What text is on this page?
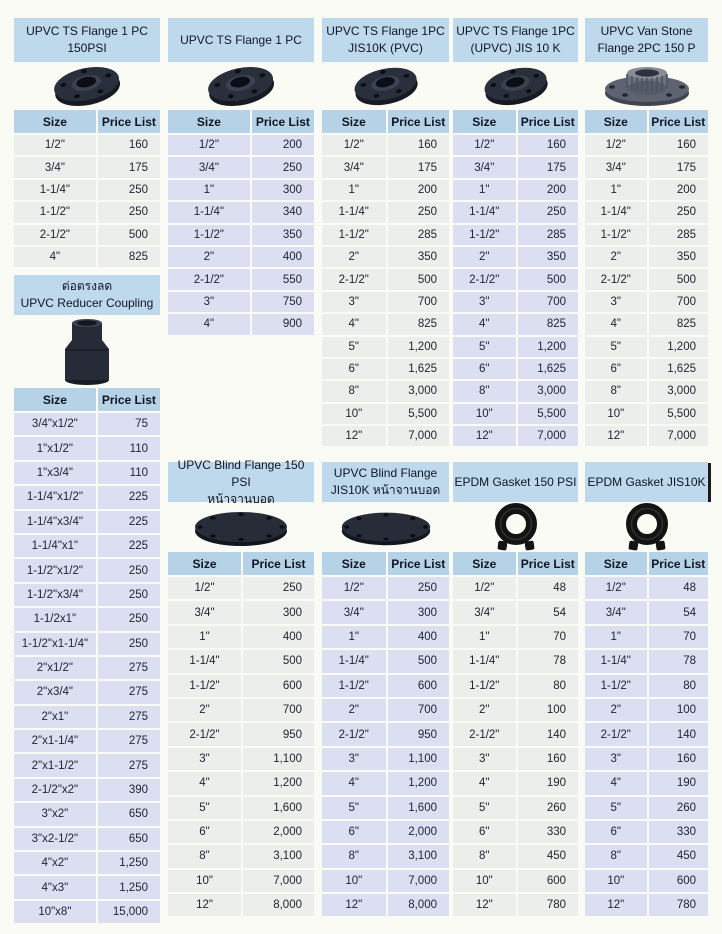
UPVC TS Flange 1 PC
150PSI
Size	Price List
1/2"	160
3/4"	175
1-1/4"	250
1-1/2"	250
2-1/2"	500
4"	825
UPVC TS Flange 1 PC
Size	Price List
1/2"	200
3/4"	250
1"	300
1-1/4"	340
1-1/2"	350
2"	400
2-1/2"	550
3"	750
4"	900
UPVC TS Flange 1PC
JIS10K (PVC)
Size	Price List
1/2"	160
3/4"	175
1"	200
1-1/4"	250
1-1/2"	285
2"	350
2-1/2"	500
3"	700
4"	825
5"	1,200
6"	1,625
8"	3,000
10"	5,500
12"	7,000
UPVC TS Flange 1PC
(UPVC) JIS 10 K
Size	Price List
1/2"	160
3/4"	175
1"	200
1-1/4"	250
1-1/2"	285
2"	350
2-1/2"	500
3"	700
4"	825
5"	1,200
6"	1,625
8"	3,000
10"	5,500
12"	7,000
UPVC Van Stone
Flange 2PC 150 P
Size	Price List
1/2"	160
3/4"	175
1"	200
1-1/4"	250
1-1/2"	285
2"	350
2-1/2"	500
3"	700
4"	825
5"	1,200
6"	1,625
8"	3,000
10"	5,500
12"	7,000
ต่อตรงลด
UPVC Reducer Coupling
Size	Price List
3/4"x1/2"	75
1"x1/2"	110
1"x3/4"	110
1-1/4"x1/2"	225
1-1/4"x3/4"	225
1-1/4"x1"	225
1-1/2"x1/2"	250
1-1/2"x3/4"	250
1-1/2x1"	250
1-1/2"x1-1/4"	250
2"x1/2"	275
2"x3/4"	275
2"x1"	275
2"x1-1/4"	275
2"x1-1/2"	275
2-1/2"x2"	390
3"x2"	650
3"x2-1/2"	650
4"x2"	1,250
4"x3"	1,250
10"x8"	15,000
UPVC Blind Flange 150 PSI
หน้าจานบอด
Size	Price List
1/2"	250
3/4"	300
1"	400
1-1/4"	500
1-1/2"	600
2"	700
2-1/2"	950
3"	1,100
4"	1,200
5"	1,600
6"	2,000
8"	3,100
10"	7,000
12"	8,000
UPVC Blind Flange
JIS10K หน้าจานบอด
Size	Price List
1/2"	250
3/4"	300
1"	400
1-1/4"	500
1-1/2"	600
2"	700
2-1/2"	950
3"	1,100
4"	1,200
5"	1,600
6"	2,000
8"	3,100
10"	7,000
12"	8,000
EPDM Gasket 150 PSI
Size	Price List
1/2"	48
3/4"	54
1"	70
1-1/4"	78
1-1/2"	80
2"	100
2-1/2"	140
3"	160
4"	190
5"	260
6"	330
8"	450
10"	600
12"	780
EPDM Gasket JIS10K
Size	Price List
1/2"	48
3/4"	54
1"	70
1-1/4"	78
1-1/2"	80
2"	100
2-1/2"	140
3"	160
4"	190
5"	260
6"	330
8"	450
10"	600
12"	780
